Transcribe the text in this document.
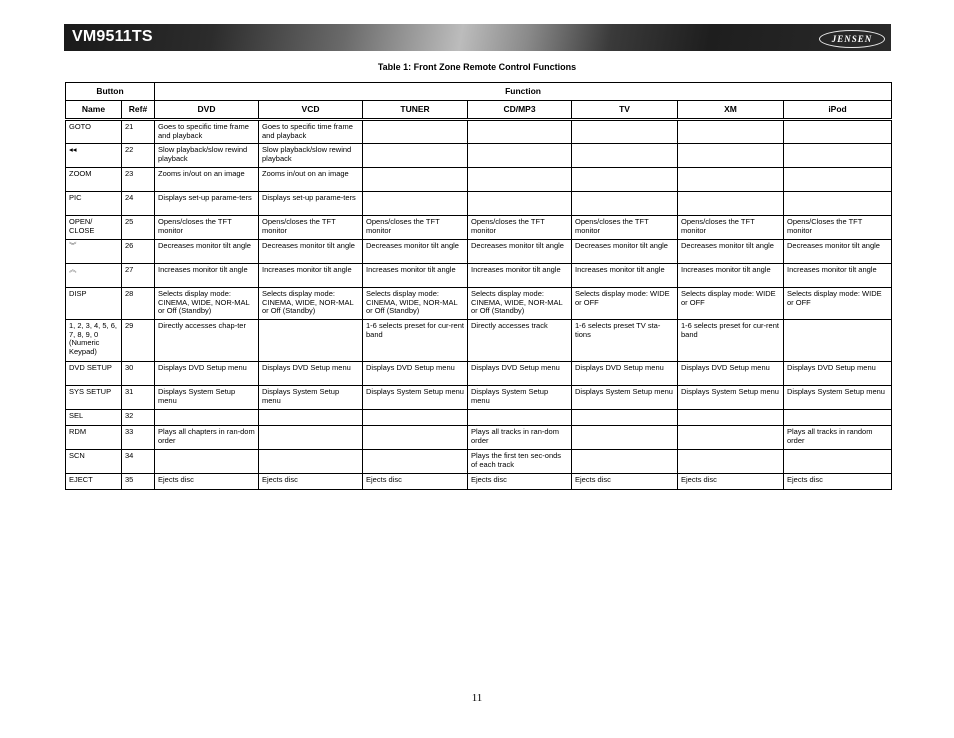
VM9511TS	JENSEN
Table 1: Front Zone Remote Control Functions
Button		Function						
Name	Ref#	DVD	VCD	TUNER	CD/MP3	TV	XM	iPod
GOTO	21	Goes to specific time frame and playback	Goes to specific time frame and playback					
◂◂	22	Slow playback/slow rewind playback	Slow playback/slow rewind playback					
ZOOM	23	Zooms in/out on an image	Zooms in/out on an image					
PIC	24	Displays set-up parame-ters	Displays set-up parame-ters					
OPEN/ CLOSE	25	Opens/closes the TFT monitor	Opens/closes the TFT monitor	Opens/closes the TFT monitor	Opens/closes the TFT monitor	Opens/closes the TFT monitor	Opens/closes the TFT monitor	Opens/Closes the TFT monitor
︾	26	Decreases monitor tilt angle	Decreases monitor tilt angle	Decreases monitor tilt angle	Decreases monitor tilt angle	Decreases monitor tilt angle	Decreases monitor tilt angle	Decreases monitor tilt angle
︽	27	Increases monitor tilt angle	Increases monitor tilt angle	Increases monitor tilt angle	Increases monitor tilt angle	Increases monitor tilt angle	Increases monitor tilt angle	Increases monitor tilt angle
DISP	28	Selects display mode: CINEMA, WIDE, NOR-MAL or Off (Standby)	Selects display mode: CINEMA, WIDE, NOR-MAL or Off (Standby)	Selects display mode: CINEMA, WIDE, NOR-MAL or Off (Standby)	Selects display mode: CINEMA, WIDE, NOR-MAL or Off (Standby)	Selects display mode: WIDE or OFF	Selects display mode: WIDE or OFF	Selects display mode: WIDE or OFF
1, 2, 3, 4, 5, 6, 7, 8, 9, 0 (Numeric Keypad)	29	Directly accesses chap-ter		1-6 selects preset for cur-rent band	Directly accesses track	1-6 selects preset TV sta-tions	1-6 selects preset for cur-rent band	
DVD SETUP	30	Displays DVD Setup menu	Displays DVD Setup menu	Displays DVD Setup menu	Displays DVD Setup menu	Displays DVD Setup menu	Displays DVD Setup menu	Displays DVD Setup menu
SYS SETUP	31	Displays System Setup menu	Displays System Setup menu	Displays System Setup menu	Displays System Setup menu	Displays System Setup menu	Displays System Setup menu	Displays System Setup menu
SEL	32							
RDM	33	Plays all chapters in ran-dom order			Plays all tracks in ran-dom order			Plays all tracks in random order
SCN	34				Plays the first ten sec-onds of each track			
EJECT	35	Ejects disc	Ejects disc	Ejects disc	Ejects disc	Ejects disc	Ejects disc	Ejects disc
11
